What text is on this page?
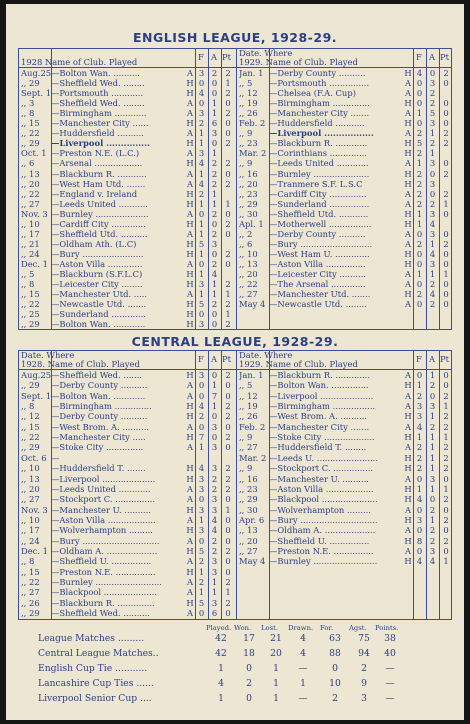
ENGLISH LEAGUE, 1928-29.
1928 Name of Club. Played	F A Pt
Aug.25 —Bolton Wan. ..........	A 3 2 2
,, 29	—Sheffield Wed. ........	H 0 0 1
Sept. 1 —Portsmouth ............	H 4 0 2
,, 3	—Sheffield Wed. ........	A 0 1 0
,, 8	—Birmingham ............	A 3 1 2
,, 15	—Manchester City ......	H 2 6 0
,, 22	—Huddersfield ..........	A 1 3 0
,, 29	—Liverpool ...............	H 1 0 2
Oct. 1 —Preston N.E. (L.C.)	A 3 1
,, 6	—Arsenal ..................	H 4 2 2
,, 13	—Blackburn R. ...........	A 1 2 0
,, 20	—West Ham Utd. .......	A 4 2 2
,, 22	—England v. Ireland	H 2 1
,, 27	—Leeds United ...........	H 1 1 1
Nov. 3 —Burnley ....................	A 0 2 0
,, 10	—Cardiff City .............	H 1 0 2
,, 17	—Sheffield Utd. ..........	A 1 2 0
,, 21	—Oldham Ath. (L.C)	H 5 3
,, 24	—Bury .......................	H 1 0 2
Dec. 1 —Aston Villa .............	A 0 2 0
,, 5	—Blackburn (S.F.L.C)	H 1 4
,, 8	—Leicester City ........	H 3 1 2
,, 15	—Manchester Utd. .....	A 1 1 1
,, 22	—Newcastle Utd. .......	H 5 2 2
,, 25	—Sunderland .............	H 0 0 1
,, 29	—Bolton Wan. ............	H 3 0 2
Date. Where
1929. Name of Club. Played	F A Pt
Jan. 1 —Derby County ..........	H 4 0 2
,, 5	—Portsmouth ...............	A 0 3 0
,, 12	—Chelsea (F.A. Cup)	A 0 2
,, 19	—Birmingham ..............	H 0 2 0
,, 26	—Manchester City .......	A 1 5 0
Feb. 2 —Huddersfield ...........	H 0 3 0
,, 9	—Liverpool .................	A 2 1 2
,, 23	—Blackburn R. ............	H 5 2 2
Mar. 2 —Corinthians ..............	H 2 1
,, 9	—Leeds United ............	A 1 3 0
,, 16	—Burnley .....................	H 2 0 2
,, 20	—Tranmere S.F. L.S.C	H 2 3
,, 23	—Cardiff City ..............	A 2 0 2
,, 29	—Sunderland ...............	A 2 2 1
,, 30	—Sheffield Utd. ...........	H 1 3 0
Apl. 1 —Motherwell ................	H 1 4
,, 2	—Derby County ..........	A 0 3 0
,, 6	—Bury ...........................	A 2 1 2
,, 10	—West Ham U. .............	H 0 4 0
,, 13	—Aston Villa ...............	H 0 3 0
,, 20	—Leicester City ..........	A 1 1 1
,, 22	—The Arsenal .............	A 0 2 0
,, 27	—Manchester Utd. .......	H 2 4 0
May 4 —Newcastle Utd. ........	A 0 2 0
CENTRAL LEAGUE, 1928-29.
Date. Where
1928. Name of Club. Played	F A Pt
Aug.25 —Sheffield Wed. .......	H 3 0 2
,, 29	—Derby County ..........	A 0 1 0
Sept. 1 —Bolton Wan. ............	A 0 7 0
,, 8	—Birmingham ..............	H 4 1 2
,, 12	—Derby County ..........	H 2 0 2
,, 15	—West Brom. A. ..........	A 0 3 0
,, 22	—Manchester City .....	H 7 0 2
,, 29	—Stoke City ..............	A 1 3 0
Oct. 6 —
,, 10	—Huddersfield T. .......	H 4 3 2
,, 13	—Liverpool ....................	H 3 2 2
,, 20	—Leeds United ............	A 3 2 2
,, 27	—Stockport C. ...............	A 0 3 0
Nov. 3 —Manchester U. ..........	H 3 3 1
,, 10	—Aston Villa ..................	A 1 4 0
,, 17	—Wolverhampton .........	H 3 4 0
,, 24	—Bury .............................	A 0 2 0
Dec. 1 —Oldham A. ...................	H 5 2 2
,, 8	—Sheffield U. ...............	A 2 3 0
,, 15	—Preston N.E. ...............	H 1 3 0
,, 22	—Burnley .........................	A 2 1 2
,, 27	—Blackpool ....................	A 1 1 1
,, 26	—Blackburn R. ..............	H 5 3 2
,, 29	—Sheffield Wed. ..........	A 0 6 0
Date. Where
1929. Name of Club. Played	F A Pt
Jan. 1 —Blackburn R. .............	A 0 1 0
,, 5	—Bolton Wan. ..............	H 1 2 0
,, 12	—Liverpool ....................	A 2 0 2
,, 19	—Birmingham ................	A 3 3 1
,, 26	—West Brom. A. ..........	H 3 1 2
Feb. 2 —Manchester City .......	A 4 2 2
,, 9	—Stoke City ...................	H 1 1 1
,, 27	—Huddersfield T. ........	A 2 1 2
Mar. 2 —Leeds U. .......................	H 2 1 2
,, 9	—Stockport C. ...............	H 2 1 2
,, 16	—Manchester U. ..........	A 0 3 0
,, 23	—Aston Villa ..................	H 1 1 1
,, 29	—Blackpool .....................	H 4 0 2
,, 30	—Wolverhampton .........	A 0 2 0
Apr. 6 —Bury .............................	H 3 1 2
,, 13	—Oldham A. ...................	A 0 2 0
,, 20	—Sheffield U. ...............	H 8 2 2
,, 27	—Preston N.E. ...............	A 0 3 0
May 4 —Burnley ........................	H 4 4 1
Played. Won. Lost. Drawn. For. Agst. Points.
League Matches .........	42	17	21	4	63	75	38
Central League Matches..	42	18	20	4	88	94	40
English Cup Tie ...........	1	0	1	—	0	2	—
Lancashire Cup Ties ......	4	2	1	1	10	9	—
Liverpool Senior Cup ....	1	0	1	—	2	3	—
